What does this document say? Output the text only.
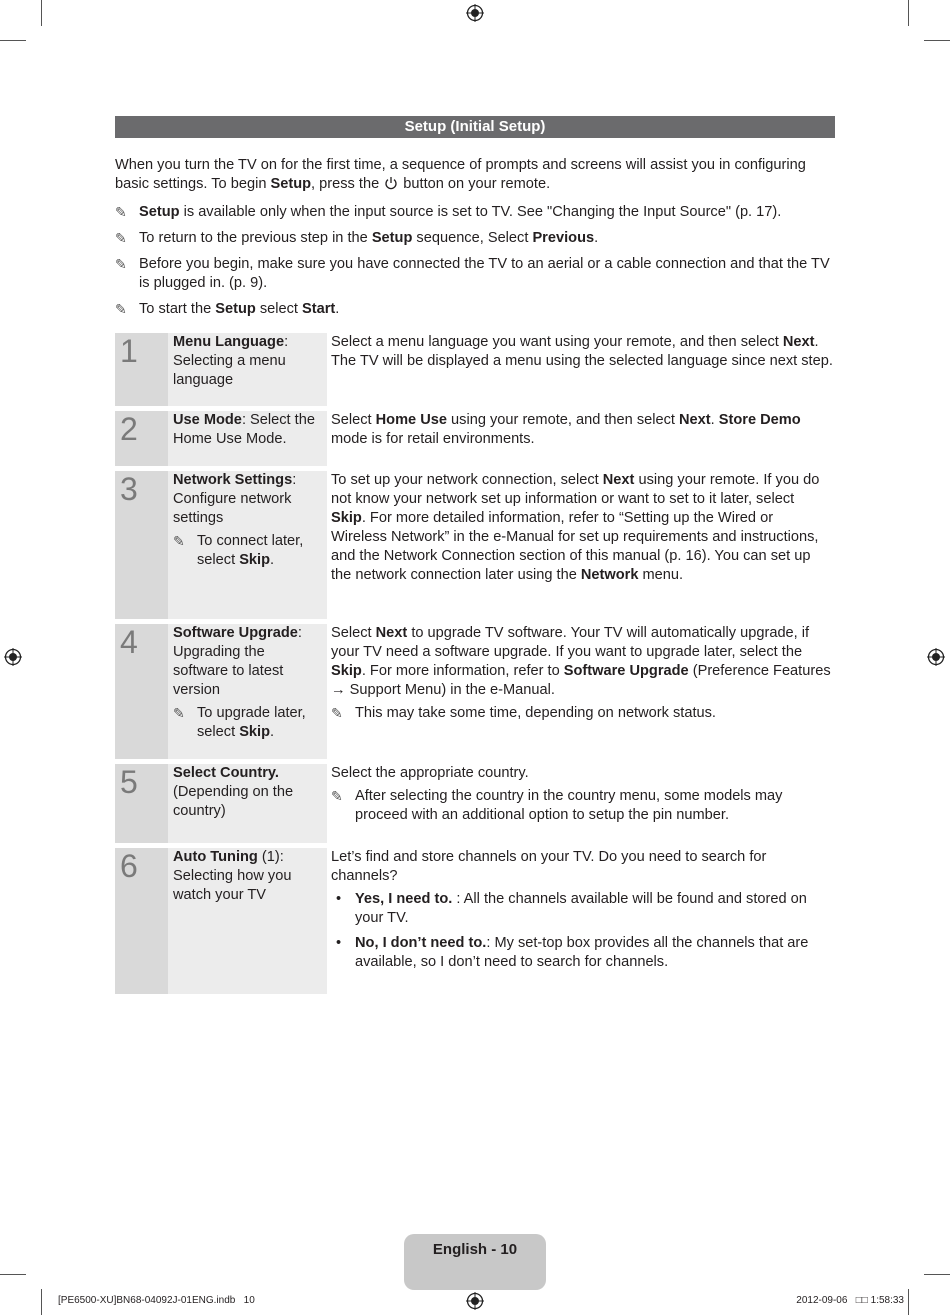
Setup (Initial Setup)

When you turn the TV on for the first time, a sequence of prompts and screens will assist you in configuring basic settings. To begin Setup, press the  button on your remote.

✎ Setup is available only when the input source is set to TV. See "Changing the Input Source" (p. 17).

✎ To return to the previous step in the Setup sequence, Select Previous.

✎ Before you begin, make sure you have connected the TV to an aerial or a cable connection and that the TV is plugged in. (p. 9).

✎ To start the Setup select Start.

1	Menu Language: Selecting a menu language
Select a menu language you want using your remote, and then select Next. The TV will be displayed a menu using the selected language since next step.
2	Use Mode: Select the Home Use Mode.
Select Home Use using your remote, and then select Next. Store Demo mode is for retail environments.
3	Network Settings: Configure network settings
✎ To connect later, select Skip.
To set up your network connection, select Next using your remote. If you do not know your network set up information or want to set to it later, select Skip. For more detailed information, refer to “Setting up the Wired or Wireless Network” in the e-Manual for set up requirements and instructions, and the Network Connection section of this manual (p. 16). You can set up the network connection later using the Network menu.
4	Software Upgrade: Upgrading the software to latest version
✎ To upgrade later, select Skip.
Select Next to upgrade TV software. Your TV will automatically upgrade, if your TV need a software upgrade. If you want to upgrade later, select the Skip. For more information, refer to Software Upgrade (Preference Features → Support Menu) in the e-Manual.
✎ This may take some time, depending on network status.
5	Select Country. (Depending on the country)
Select the appropriate country.
✎ After selecting the country in the country menu, some models may proceed with an additional option to setup the pin number.
6	Auto Tuning (1): Selecting how you watch your TV
Let’s find and store channels on your TV. Do you need to search for channels?
• Yes, I need to. : All the channels available will be found and stored on your TV.
• No, I don’t need to.: My set-top box provides all the channels that are available, so I don’t need to search for channels.
English - 10
[PE6500-XU]BN68-04092J-01ENG.indb   10	2012-09-06   □□ 1:58:33
